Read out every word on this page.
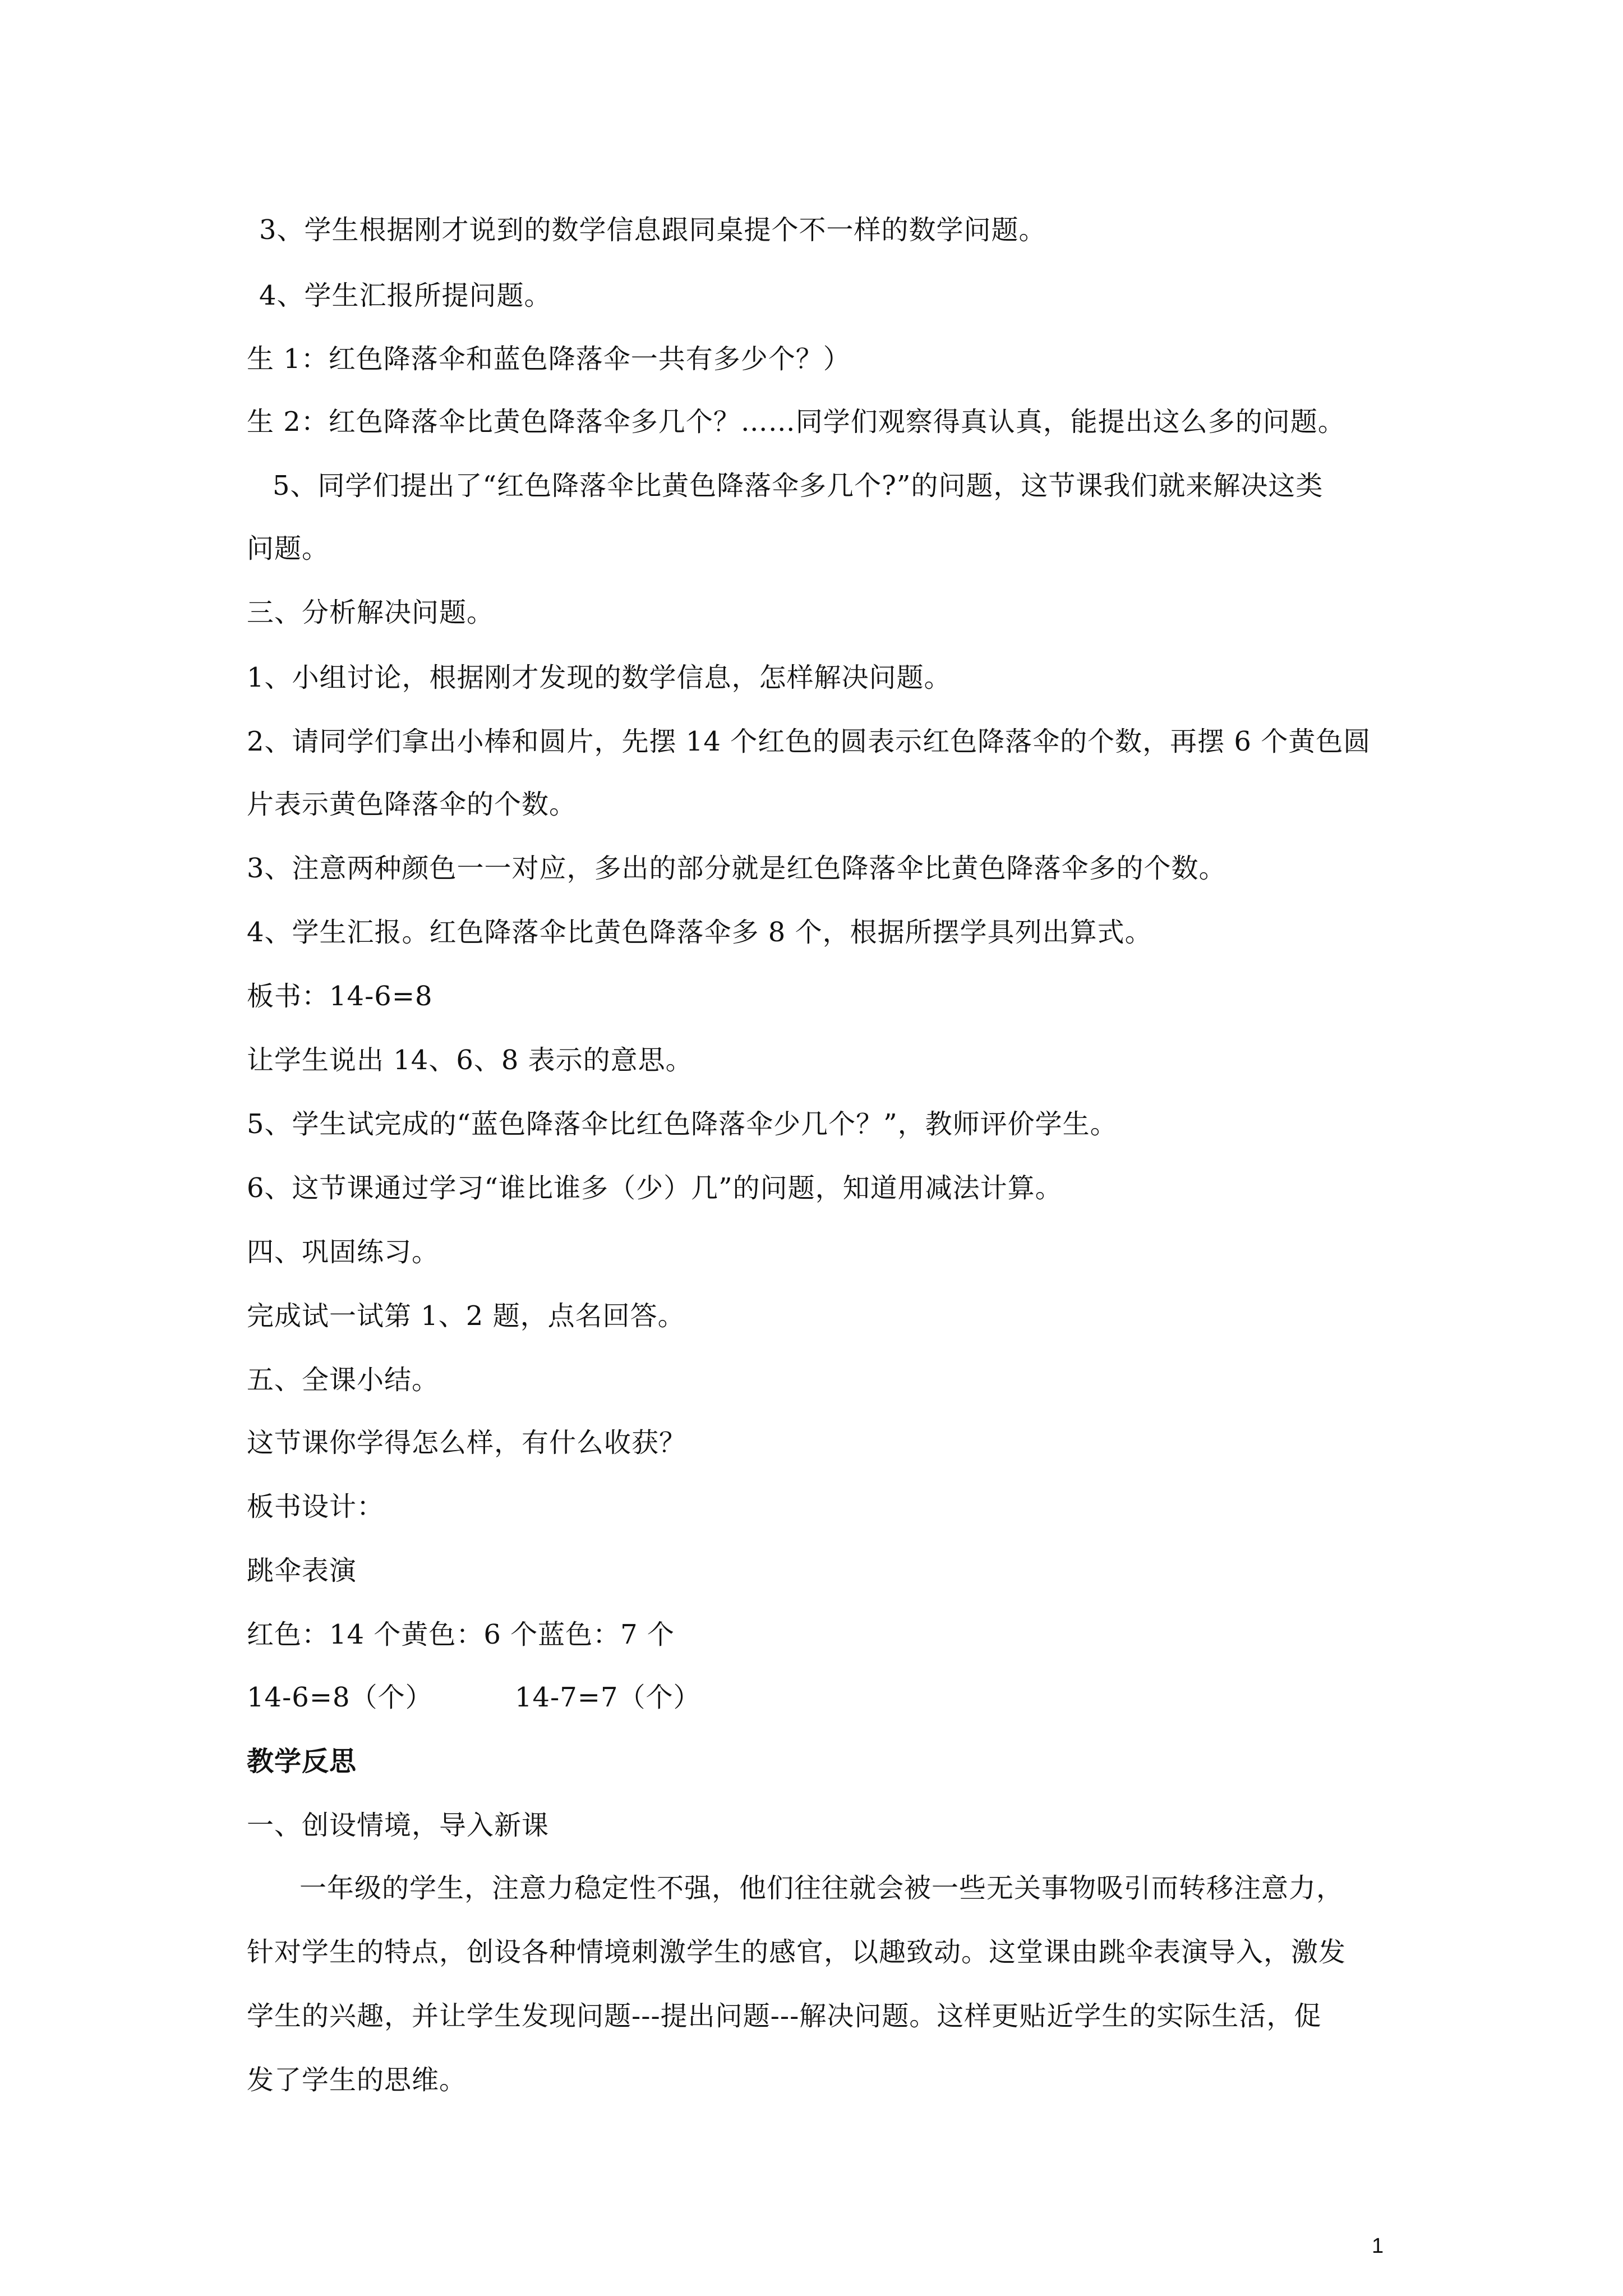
3、学生根据刚才说到的数学信息跟同桌提个不一样的数学问题。
4、学生汇报所提问题。
生 1：红色降落伞和蓝色降落伞一共有多少个？）
生 2：红色降落伞比黄色降落伞多几个？……同学们观察得真认真，能提出这么多的问题。
5、同学们提出了“红色降落伞比黄色降落伞多几个?”的问题，这节课我们就来解决这类
问题。
三、分析解决问题。
1、小组讨论，根据刚才发现的数学信息，怎样解决问题。
2、请同学们拿出小棒和圆片，先摆 14 个红色的圆表示红色降落伞的个数，再摆 6 个黄色圆
片表示黄色降落伞的个数。
3、注意两种颜色一一对应，多出的部分就是红色降落伞比黄色降落伞多的个数。
4、学生汇报。红色降落伞比黄色降落伞多 8 个，根据所摆学具列出算式。
板书：14-6=8
让学生说出 14、6、8 表示的意思。
5、学生试完成的“蓝色降落伞比红色降落伞少几个？”，教师评价学生。
6、这节课通过学习“谁比谁多（少）几”的问题，知道用减法计算。
四、巩固练习。
完成试一试第 1、2 题，点名回答。
五、全课小结。
这节课你学得怎么样，有什么收获？
板书设计：
跳伞表演
红色：14 个黄色：6 个蓝色：7 个
14-6=8（个）         14-7=7（个）
教学反思
一、创设情境，导入新课
一年级的学生，注意力稳定性不强，他们往往就会被一些无关事物吸引而转移注意力，
针对学生的特点，创设各种情境刺激学生的感官，以趣致动。这堂课由跳伞表演导入，激发
学生的兴趣，并让学生发现问题---提出问题---解决问题。这样更贴近学生的实际生活，促
发了学生的思维。
1
